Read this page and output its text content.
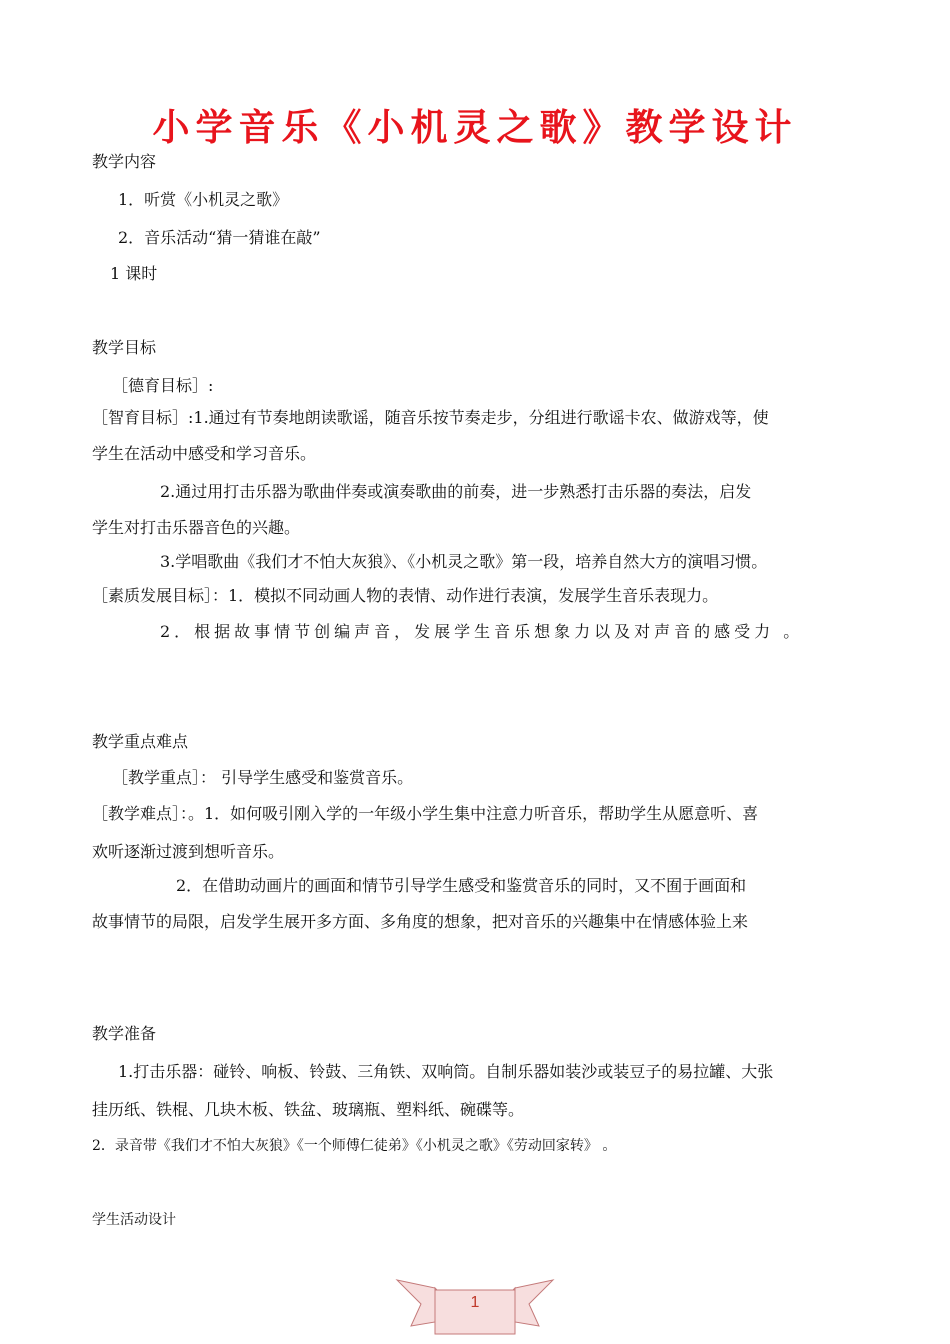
小学音乐《小机灵之歌》教学设计
教学内容
1．听赏《小机灵之歌》
2．音乐活动“猜一猜谁在敲”
1 课时
教学目标
［德育目标］:
［智育目标］:1.通过有节奏地朗读歌谣，随音乐按节奏走步，分组进行歌谣卡农、做游戏等，使
学生在活动中感受和学习音乐。
2.通过用打击乐器为歌曲伴奏或演奏歌曲的前奏，进一步熟悉打击乐器的奏法，启发
学生对打击乐器音色的兴趣。
3.学唱歌曲《我们才不怕大灰狼》、《小机灵之歌》第一段，培养自然大方的演唱习惯。
［素质发展目标］：1．模拟不同动画人物的表情、动作进行表演，发展学生音乐表现力。
2．根据故事情节创编声音，发展学生音乐想象力以及对声音的感受力 。
教学重点难点
［教学重点］： 引导学生感受和鉴赏音乐。
［教学难点］：。1．如何吸引刚入学的一年级小学生集中注意力听音乐，帮助学生从愿意听、喜
欢听逐渐过渡到想听音乐。
2．在借助动画片的画面和情节引导学生感受和鉴赏音乐的同时，又不囿于画面和
故事情节的局限，启发学生展开多方面、多角度的想象，把对音乐的兴趣集中在情感体验上来
教学准备
1.打击乐器：碰铃、响板、铃鼓、三角铁、双响筒。自制乐器如装沙或装豆子的易拉罐、大张
挂历纸、铁棍、几块木板、铁盆、玻璃瓶、塑料纸、碗碟等。
2．录音带《我们才不怕大灰狼》《一个师傅仁徒弟》《小机灵之歌》《劳动回家转》 。
学生活动设计
1
